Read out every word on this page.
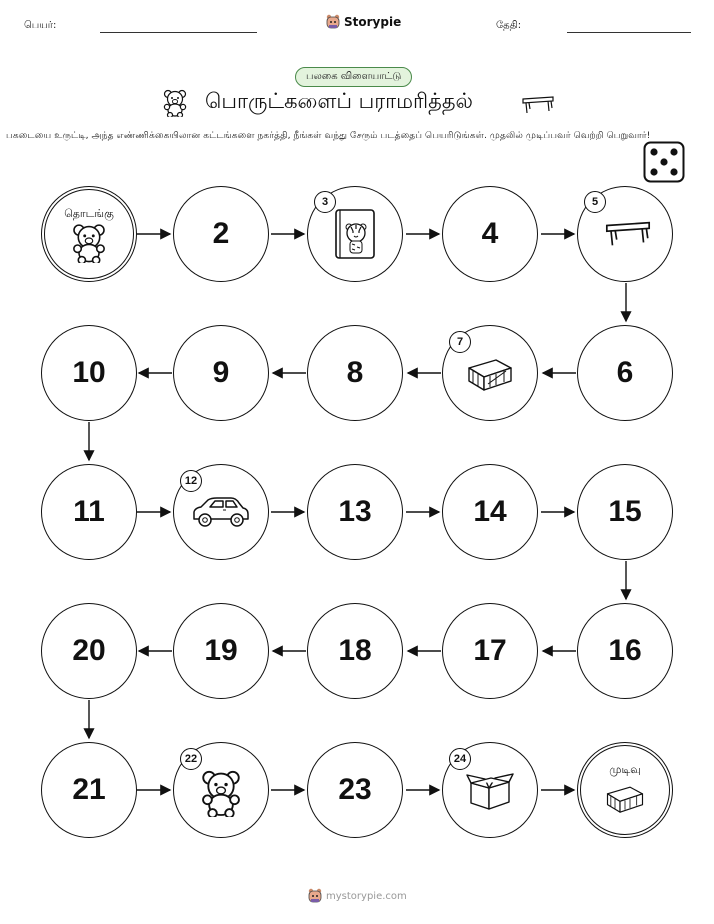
பெயர்:	Storypie	தேதி:
பலகை விளையாட்டு
பொருட்களைப் பராமரித்தல்
பகடையை உருட்டி, அந்த எண்ணிக்கையிலான கட்டங்களை நகர்த்தி, நீங்கள் வந்து சேரும் படத்தைப் பெயரிடுங்கள். முதலில் முடிப்பவர் வெற்றி பெறுவார்!
தொடங்கு
2
3
4
5
10	9	8
7
6
11
12
13	14	15
20	19	18	17	16
21
22
23
24
முடிவு
mystorypie.com
